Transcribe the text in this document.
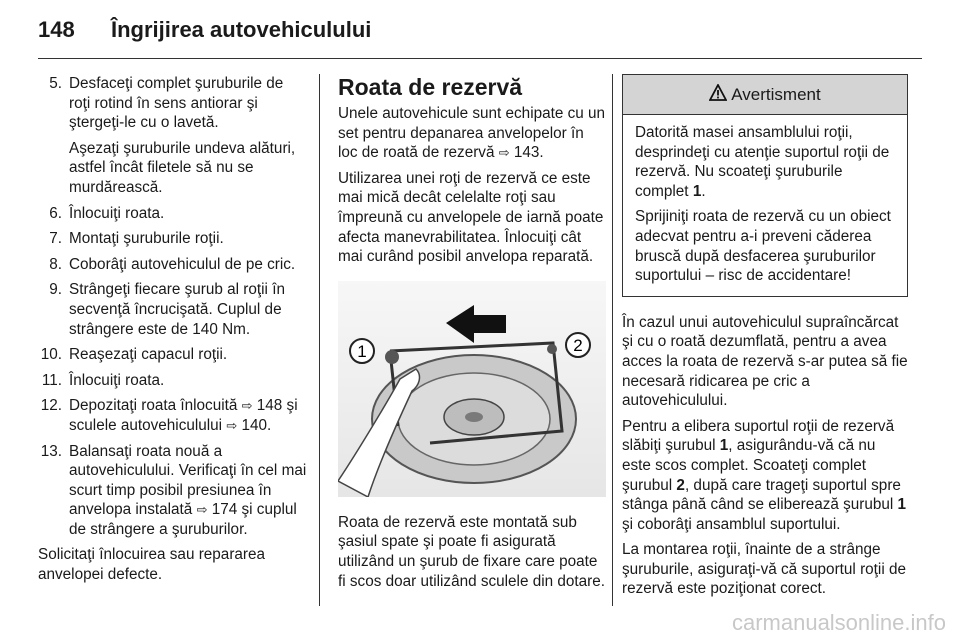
148 Îngrijirea autovehiculului
5. Desfaceţi complet şuruburile de roţi rotind în sens antiorar şi ştergeţi-le cu o lavetă.
Aşezaţi şuruburile undeva alături, astfel încât filetele să nu se murdărească.
6. Înlocuiţi roata.
7. Montaţi şuruburile roţii.
8. Coborâţi autovehiculul de pe cric.
9. Strângeţi fiecare şurub al roţii în secvenţă încrucişată. Cuplul de strângere este de 140 Nm.
10. Reaşezaţi capacul roţii.
11. Înlocuiţi roata.
12. Depozitaţi roata înlocuită ⇨ 148 şi sculele autovehiculului ⇨ 140.
13. Balansaţi roata nouă a autovehiculului. Verificaţi în cel mai scurt timp posibil presiunea în anvelopa instalată ⇨ 174 şi cuplul de strângere a şuruburilor.

Solicitaţi înlocuirea sau repararea anvelopei defecte.

Roata de rezervă

Unele autovehicule sunt echipate cu un set pentru depanarea anvelopelor în loc de roată de rezervă ⇨ 143.

Utilizarea unei roţi de rezervă ce este mai mică decât celelalte roţi sau împreună cu anvelopele de iarnă poate afecta manevrabilitatea. Înlocuiţi cât mai curând posibil anvelopa reparată.

1	2

Roata de rezervă este montată sub şasiul spate şi poate fi asigurată utilizând un şurub de fixare care poate fi scos doar utilizând sculele din dotare.

Avertisment

Datorită masei ansamblului roţii, desprindeţi cu atenţie suportul roţii de rezervă. Nu scoateţi şuruburile complet 1.

Sprijiniţi roata de rezervă cu un obiect adecvat pentru a-i preveni căderea bruscă după desfacerea şuruburilor suportului – risc de accidentare!

În cazul unui autovehiculul supraîncărcat şi cu o roată dezumflată, pentru a avea acces la roata de rezervă s-ar putea să fie necesară ridicarea pe cric a autovehiculului.

Pentru a elibera suportul roţii de rezervă slăbiţi şurubul 1, asigurându-vă că nu este scos complet. Scoateţi complet şurubul 2, după care trageţi suportul spre stânga până când se eliberează şurubul 1 şi coborâţi ansamblul suportului.

La montarea roţii, înainte de a strânge şuruburile, asiguraţi-vă că suportul roţii de rezervă este poziţionat corect.

carmanualsonline.info
